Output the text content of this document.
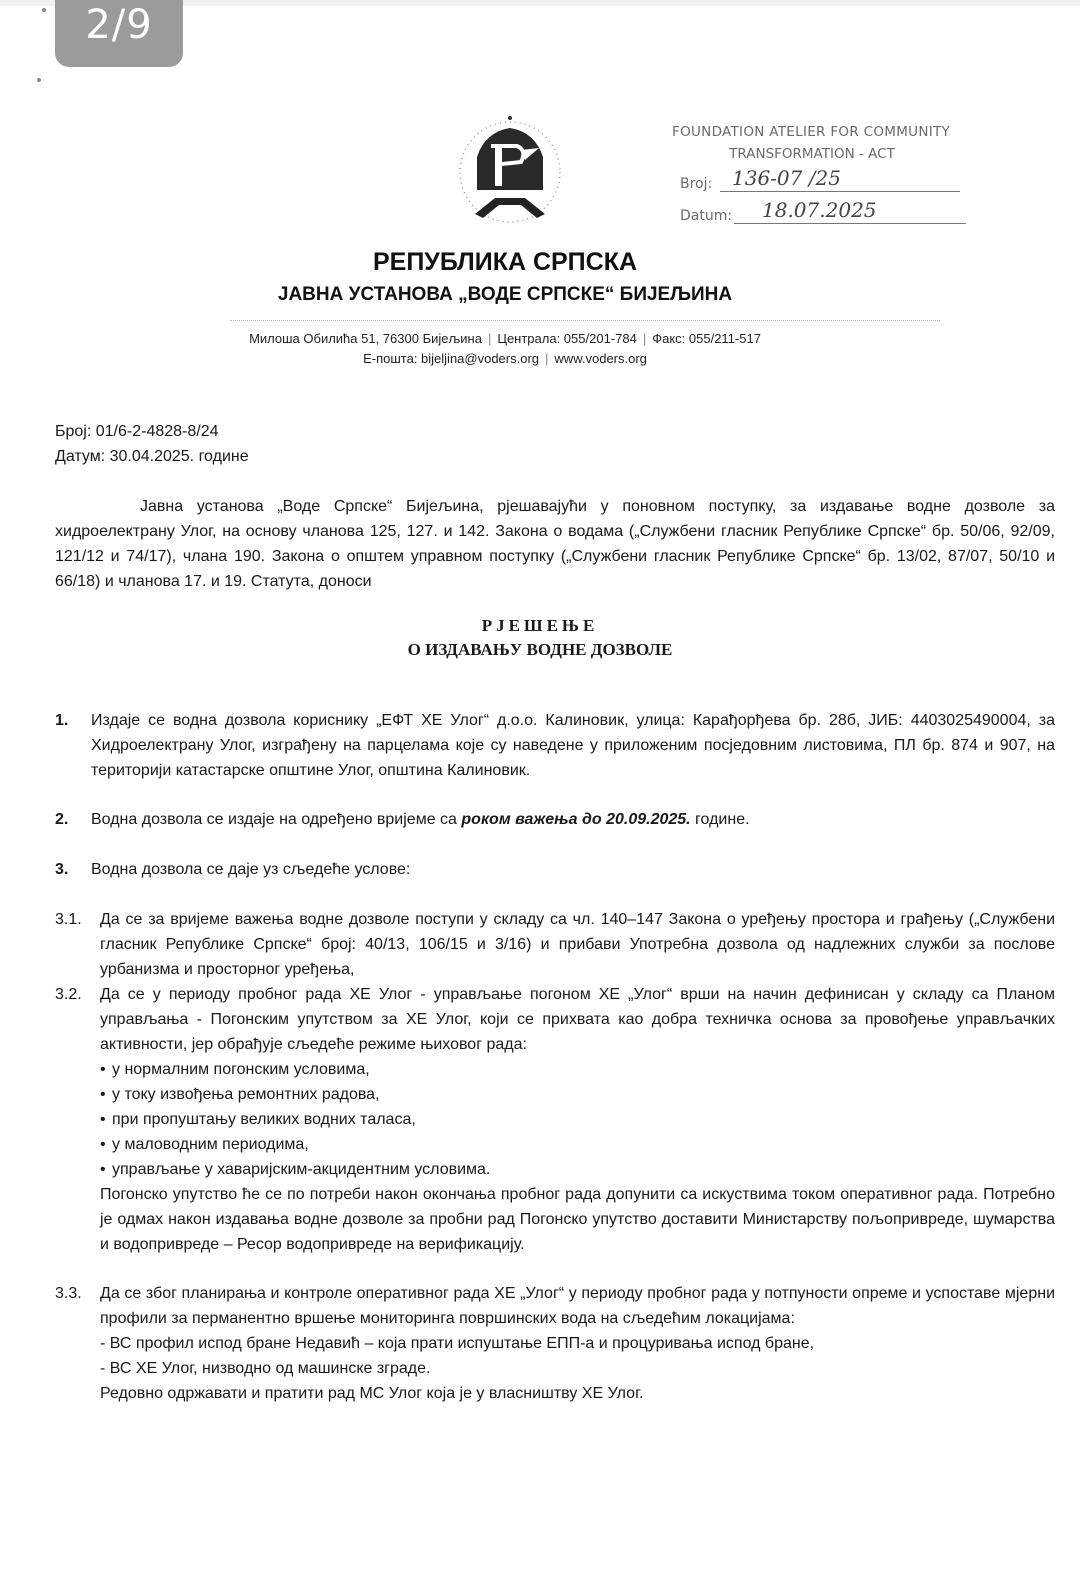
2/9
FOUNDATION ATELIER FOR COMMUNITY
TRANSFORMATION - ACT
Broj: 136-07 /25
Datum: 18.07.2025
РЕПУБЛИКА СРПСКА
ЈАВНА УСТАНОВА „ВОДЕ СРПСКЕ“ БИЈЕЉИНА
Милоша Обилића 51, 76300 Бијељина | Централа: 055/201-784 | Факс: 055/211-517
Е-пошта: bijeljina@voders.org | www.voders.org
Број: 01/6-2-4828-8/24
Датум: 30.04.2025. године
Јавна установа „Воде Српске“ Бијељина, рјешавајући у поновном поступку, за издавање водне дозволе за хидроелектрану Улог, на основу чланова 125, 127. и 142. Закона о водама („Службени гласник Републике Српске“ бр. 50/06, 92/09, 121/12 и 74/17), члана 190. Закона о општем управном поступку („Службени гласник Републике Српске“ бр. 13/02, 87/07, 50/10 и 66/18) и чланова 17. и 19. Статута, доноси
РЈЕШЕЊЕ
О ИЗДАВАЊУ ВОДНЕ ДОЗВОЛЕ
1.	Издаје се водна дозвола кориснику „ЕФТ ХЕ Улог“ д.о.о. Калиновик, улица: Карађорђева бр. 28б, ЈИБ: 4403025490004, за Хидроелектрану Улог, изграђену на парцелама које су наведене у приложеним посједовним листовима, ПЛ бр. 874 и 907, на територији катастарске општине Улог, општина Калиновик.
2.	Водна дозвола се издаје на одређено вријеме са роком важења до 20.09.2025. године.
3.	Водна дозвола се даје уз сљедеће услове:
3.1.	Да се за вријеме важења водне дозволе поступи у складу са чл. 140–147 Закона о уређењу простора и грађењу („Службени гласник Републике Српске“ број: 40/13, 106/15 и 3/16) и прибави Употребна дозвола од надлежних служби за послове урбанизма и просторног уређења,
3.2.	Да се у периоду пробног рада ХЕ Улог - управљање погоном ХЕ „Улог“ врши на начин дефинисан у складу са Планом управљања - Погонским упутством за ХЕ Улог, који се прихвата као добра техничка основа за провођење управљачких активности, јер обрађује сљедеће режиме њиховог рада:
• у нормалним погонским условима,
• у току извођења ремонтних радова,
• при пропуштању великих водних таласа,
• у маловодним периодима,
• управљање у хаваријским-акцидентним условима.
Погонско упутство ће се по потреби након окончања пробног рада допунити са искуствима током оперативног рада. Потребно је одмах након издавања водне дозволе за пробни рад Погонско упутство доставити Министарству пољопривреде, шумарства и водопривреде – Ресор водопривреде на верификацију.
3.3.	Да се због планирања и контроле оперативног рада ХЕ „Улог“ у периоду пробног рада у потпуности опреме и успоставе мјерни профили за перманентно вршење мониторинга површинских вода на сљедећим локацијама:
- ВС профил испод бране Недавић – која прати испуштање ЕПП-а и процуривања испод бране,
- ВС ХЕ Улог, низводно од машинске зграде.
Редовно одржавати и пратити рад МС Улог која је у власништву ХЕ Улог.
